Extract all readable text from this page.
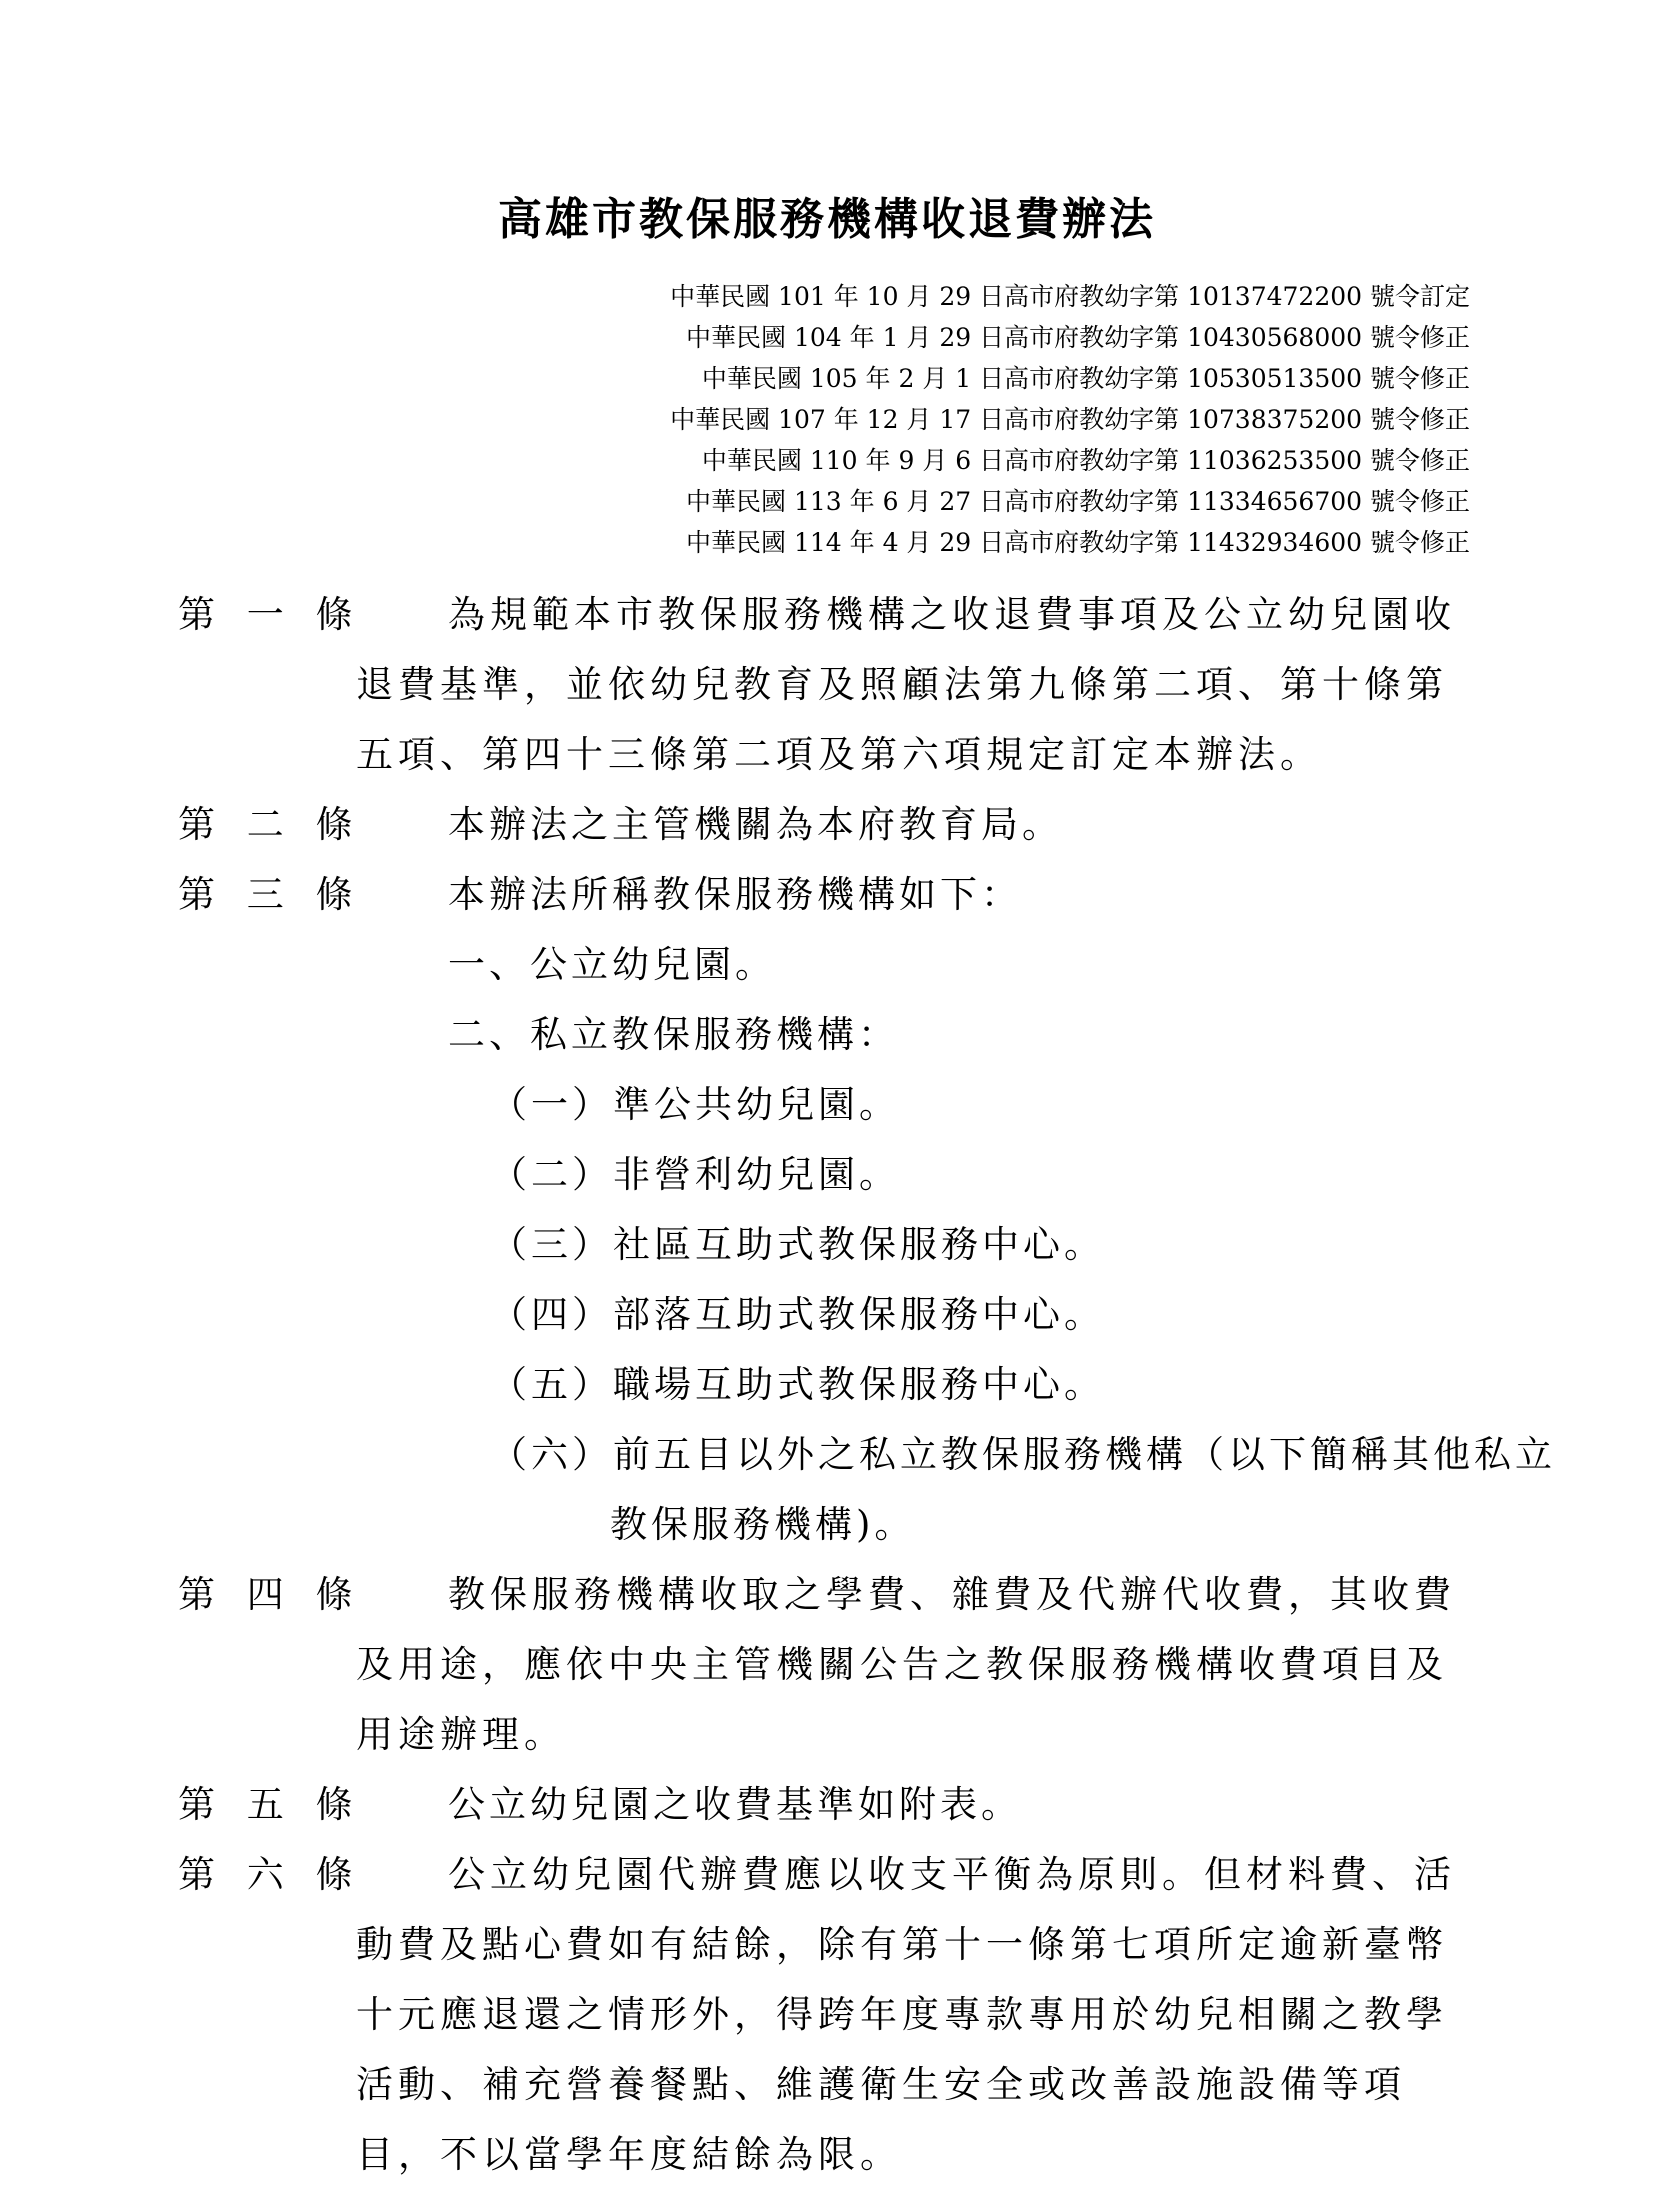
高雄市教保服務機構收退費辦法
中華民國 101 年 10 月 29 日高市府教幼字第 10137472200 號令訂定
中華民國 104 年 1 月 29 日高市府教幼字第 10430568000 號令修正
中華民國 105 年 2 月 1 日高市府教幼字第 10530513500 號令修正
中華民國 107 年 12 月 17 日高市府教幼字第 10738375200 號令修正
中華民國 110 年 9 月 6 日高市府教幼字第 11036253500 號令修正
中華民國 113 年 6 月 27 日高市府教幼字第 11334656700 號令修正
中華民國 114 年 4 月 29 日高市府教幼字第 11432934600 號令修正
第 一 條	為規範本市教保服務機構之收退費事項及公立幼兒園收退費基準，並依幼兒教育及照顧法第九條第二項、第十條第五項、第四十三條第二項及第六項規定訂定本辦法。
第 二 條	本辦法之主管機關為本府教育局。
第 三 條	本辦法所稱教保服務機構如下：
一、公立幼兒園。
二、私立教保服務機構：
（一）準公共幼兒園。
（二）非營利幼兒園。
（三）社區互助式教保服務中心。
（四）部落互助式教保服務中心。
（五）職場互助式教保服務中心。
（六）前五目以外之私立教保服務機構（以下簡稱其他私立教保服務機構)。
第 四 條	教保服務機構收取之學費、雜費及代辦代收費，其收費及用途，應依中央主管機關公告之教保服務機構收費項目及用途辦理。
第 五 條	公立幼兒園之收費基準如附表。
第 六 條	公立幼兒園代辦費應以收支平衡為原則。但材料費、活動費及點心費如有結餘，除有第十一條第七項所定逾新臺幣十元應退還之情形外，得跨年度專款專用於幼兒相關之教學活動、補充營養餐點、維護衛生安全或改善設施設備等項目，不以當學年度結餘為限。
